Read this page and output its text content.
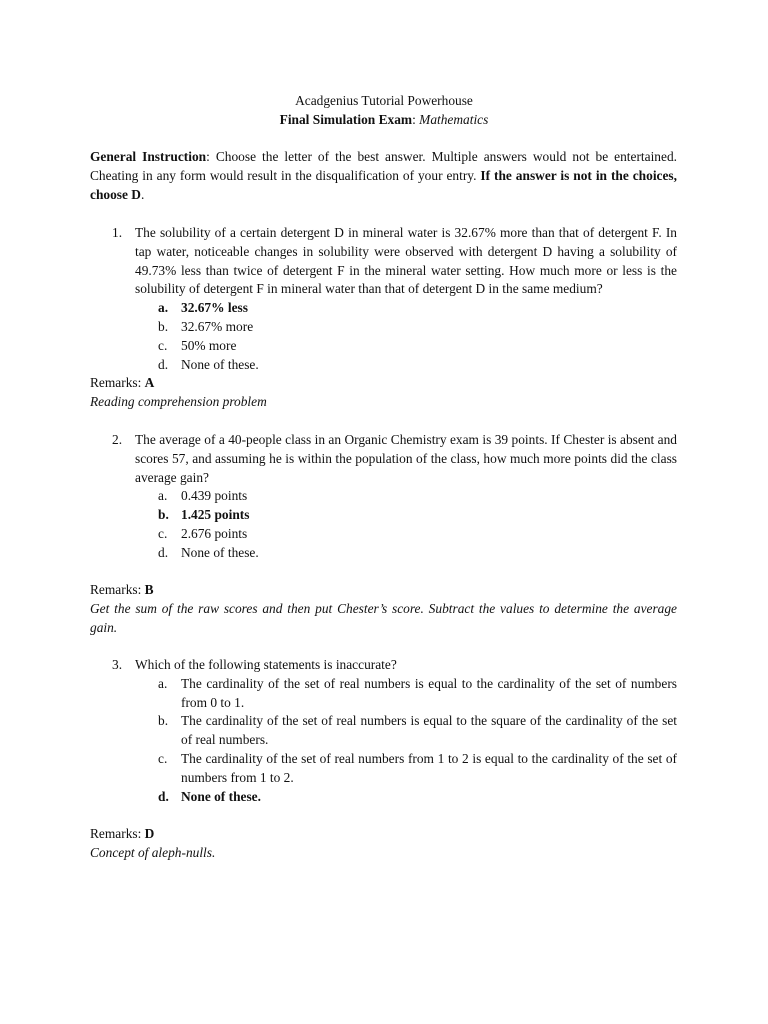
Acadgenius Tutorial Powerhouse
Final Simulation Exam: Mathematics
General Instruction: Choose the letter of the best answer. Multiple answers would not be entertained. Cheating in any form would result in the disqualification of your entry. If the answer is not in the choices, choose D.
1. The solubility of a certain detergent D in mineral water is 32.67% more than that of detergent F. In tap water, noticeable changes in solubility were observed with detergent D having a solubility of 49.73% less than twice of detergent F in the mineral water setting. How much more or less is the solubility of detergent F in mineral water than that of detergent D in the same medium?
a. 32.67% less
b. 32.67% more
c. 50% more
d. None of these.
Remarks: A
Reading comprehension problem
2. The average of a 40-people class in an Organic Chemistry exam is 39 points. If Chester is absent and scores 57, and assuming he is within the population of the class, how much more points did the class average gain?
a. 0.439 points
b. 1.425 points
c. 2.676 points
d. None of these.
Remarks: B
Get the sum of the raw scores and then put Chester’s score. Subtract the values to determine the average gain.
3. Which of the following statements is inaccurate?
a. The cardinality of the set of real numbers is equal to the cardinality of the set of numbers from 0 to 1.
b. The cardinality of the set of real numbers is equal to the square of the cardinality of the set of real numbers.
c. The cardinality of the set of real numbers from 1 to 2 is equal to the cardinality of the set of numbers from 1 to 2.
d. None of these.
Remarks: D
Concept of aleph-nulls.
